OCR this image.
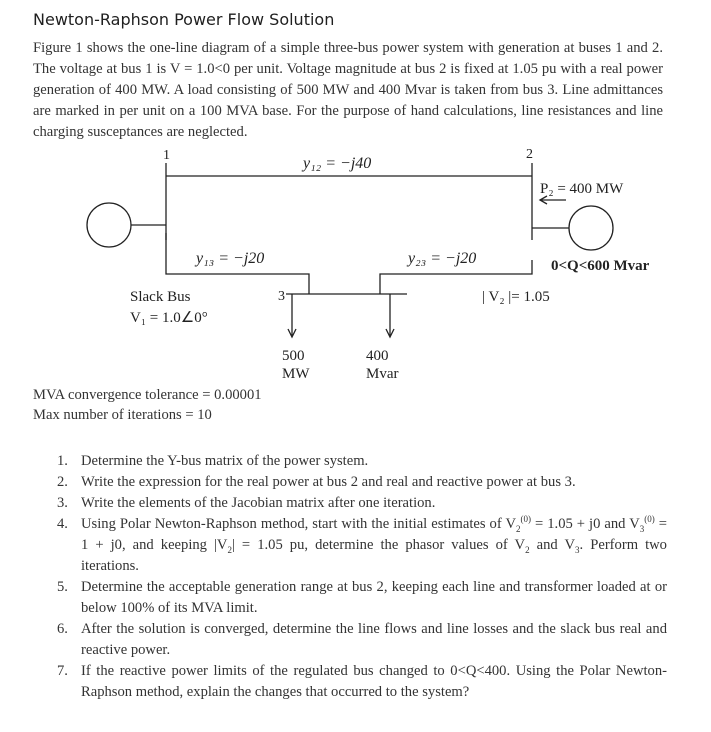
Newton-Raphson Power Flow Solution

Figure 1 shows the one-line diagram of a simple three-bus power system with generation at buses 1 and 2. The voltage at bus 1 is V = 1.0<0 per unit. Voltage magnitude at bus 2 is fixed at 1.05 pu with a real power generation of 400 MW. A load consisting of 500 MW and 400 Mvar is taken from bus 3. Line admittances are marked in per unit on a 100 MVA base. For the purpose of hand calculations, line resistances and line charging susceptances are neglected.

1	2
3
y₁₂ = −j40
y₁₃ = −j20	y₂₃ = −j20
P₂ = 400 MW
0<Q<600 Mvar
| V₂ |= 1.05
Slack Bus
V₁ = 1.0∠0°
500
MW
400
Mvar
MVA convergence tolerance = 0.00001
Max number of iterations = 10
1. Determine the Y-bus matrix of the power system.
2. Write the expression for the real power at bus 2 and real and reactive power at bus 3.
3. Write the elements of the Jacobian matrix after one iteration.
4. Using Polar Newton-Raphson method, start with the initial estimates of $V_2^{(0)} = 1.05 + j0$ and $V_3^{(0)} = 1 + j0$, and keeping $|V_2| = 1.05$ pu, determine the phasor values of $V_2$ and $V_3$. Perform two iterations.
5. Determine the acceptable generation range at bus 2, keeping each line and transformer loaded at or below 100% of its MVA limit.
6. After the solution is converged, determine the line flows and line losses and the slack bus real and reactive power.
7. If the reactive power limits of the regulated bus changed to 0<Q<400. Using the Polar Newton-Raphson method, explain the changes that occurred to the system?
